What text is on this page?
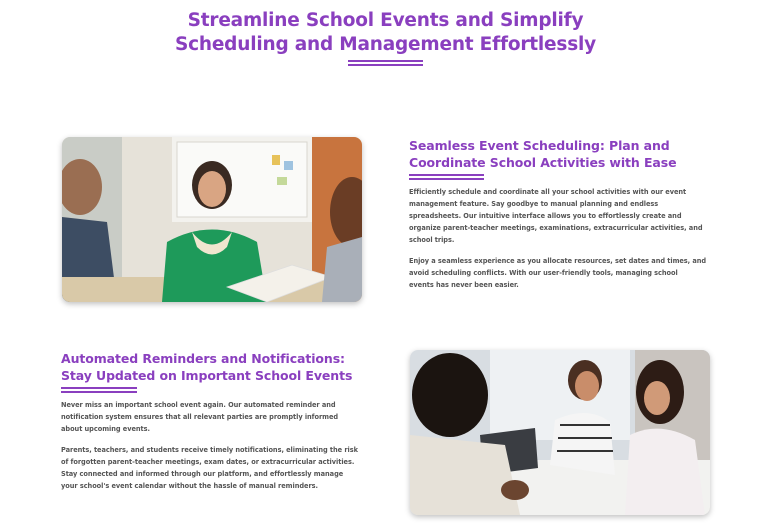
Streamline School Events and Simplify
Scheduling and Management Effortlessly
Seamless Event Scheduling: Plan and
Coordinate School Activities with Ease
Efficiently schedule and coordinate all your school activities with our event
management feature. Say goodbye to manual planning and endless
spreadsheets. Our intuitive interface allows you to effortlessly create and
organize parent-teacher meetings, examinations, extracurricular activities, and
school trips.
Enjoy a seamless experience as you allocate resources, set dates and times, and
avoid scheduling conflicts. With our user-friendly tools, managing school
events has never been easier.
Automated Reminders and Notifications:
Stay Updated on Important School Events
Never miss an important school event again. Our automated reminder and
notification system ensures that all relevant parties are promptly informed
about upcoming events.
Parents, teachers, and students receive timely notifications, eliminating the risk
of forgotten parent-teacher meetings, exam dates, or extracurricular activities.
Stay connected and informed through our platform, and effortlessly manage
your school's event calendar without the hassle of manual reminders.
